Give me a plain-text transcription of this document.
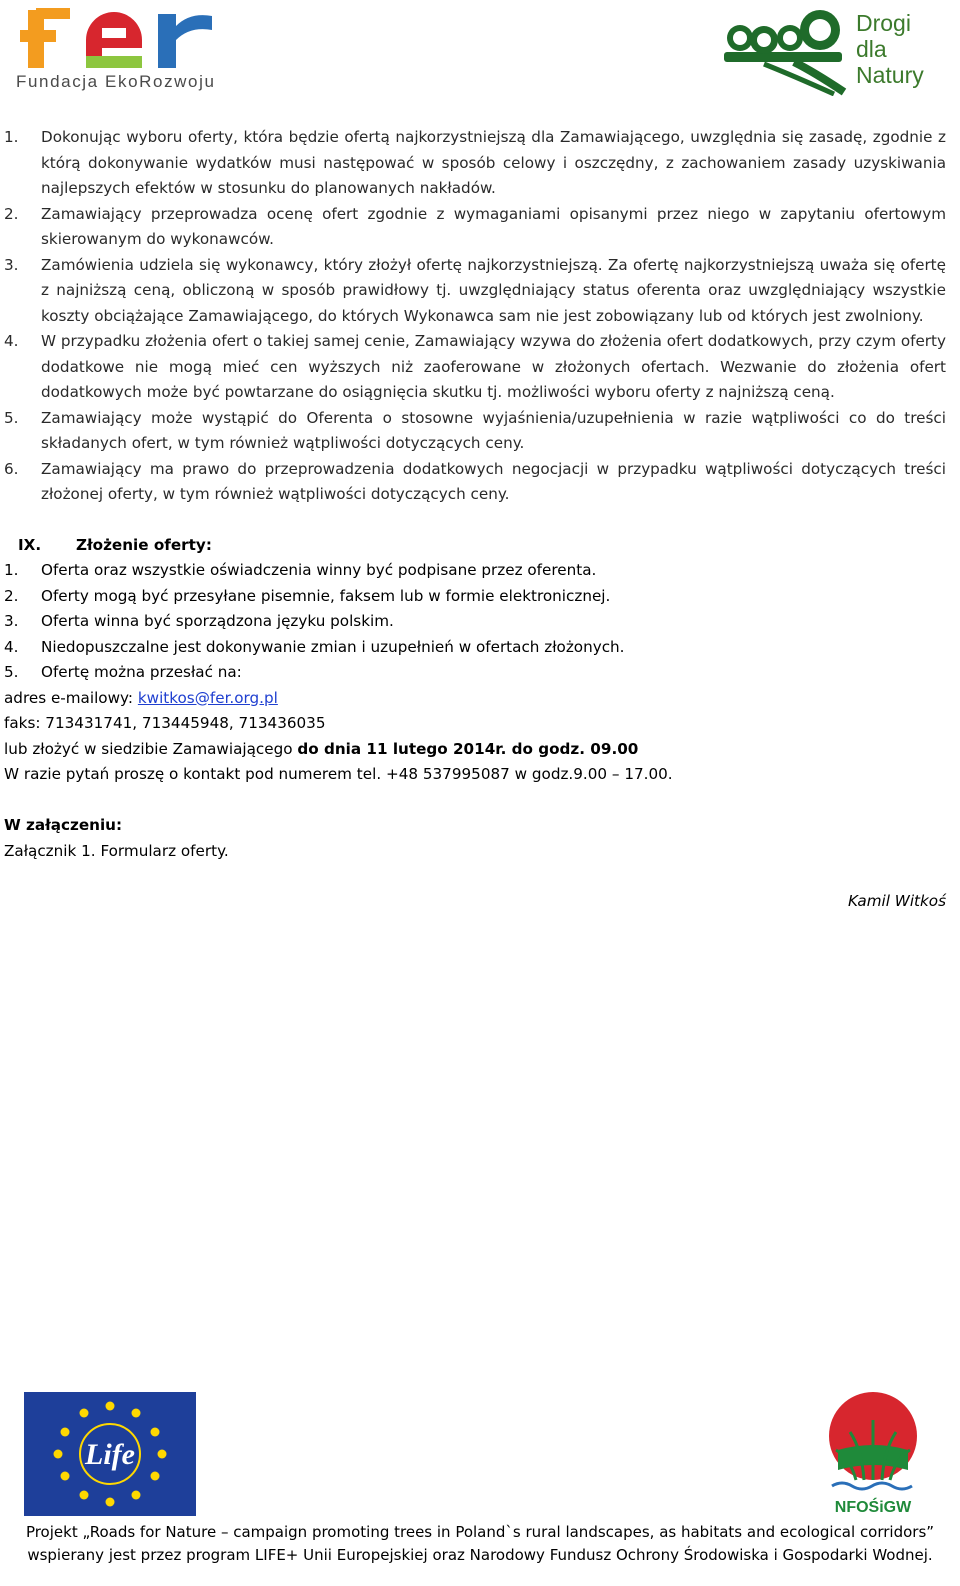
Fundacja EkoRozwoju
Drogi
dla
Natury
1. Dokonując wyboru oferty, która będzie ofertą najkorzystniejszą dla Zamawiającego, uwzględnia się zasadę, zgodnie z którą dokonywanie wydatków musi następować w sposób celowy i oszczędny, z zachowaniem zasady uzyskiwania najlepszych efektów w stosunku do planowanych nakładów.
2. Zamawiający przeprowadza ocenę ofert zgodnie z wymaganiami opisanymi przez niego w zapytaniu ofertowym skierowanym do wykonawców.
3. Zamówienia udziela się wykonawcy, który złożył ofertę najkorzystniejszą. Za ofertę najkorzystniejszą uważa się ofertę z najniższą ceną, obliczoną w sposób prawidłowy tj. uwzględniający status oferenta oraz uwzględniający wszystkie koszty obciążające Zamawiającego, do których Wykonawca sam nie jest zobowiązany lub od których jest zwolniony.
4. W przypadku złożenia ofert o takiej samej cenie, Zamawiający wzywa do złożenia ofert dodatkowych, przy czym oferty dodatkowe nie mogą mieć cen wyższych niż zaoferowane w złożonych ofertach. Wezwanie do złożenia ofert dodatkowych może być powtarzane do osiągnięcia skutku tj. możliwości wyboru oferty z najniższą ceną.
5. Zamawiający może wystąpić do Oferenta o stosowne wyjaśnienia/uzupełnienia w razie wątpliwości co do treści składanych ofert, w tym również wątpliwości dotyczących ceny.
6. Zamawiający ma prawo do przeprowadzenia dodatkowych negocjacji w przypadku wątpliwości dotyczących treści złożonej oferty, w tym również wątpliwości dotyczących ceny.
IX. Złożenie oferty:
1. Oferta oraz wszystkie oświadczenia winny być podpisane przez oferenta.
2. Oferty mogą być przesyłane pisemnie, faksem lub w formie elektronicznej.
3. Oferta winna być sporządzona języku polskim.
4. Niedopuszczalne jest dokonywanie zmian i uzupełnień w ofertach złożonych.
5. Ofertę można przesłać na:
adres e-mailowy: kwitkos@fer.org.pl
faks: 713431741, 713445948, 713436035
lub złożyć w siedzibie Zamawiającego do dnia 11 lutego 2014r. do godz. 09.00
W razie pytań proszę o kontakt pod numerem tel. +48 537995087 w godz.9.00 – 17.00.
W załączeniu:
Załącznik 1. Formularz oferty.
Kamil Witkoś
Life
NFOŚiGW
Projekt „Roads for Nature – campaign promoting trees in Poland`s rural landscapes, as habitats and ecological corridors”
wspierany jest przez program LIFE+ Unii Europejskiej oraz Narodowy Fundusz Ochrony Środowiska i Gospodarki Wodnej.
